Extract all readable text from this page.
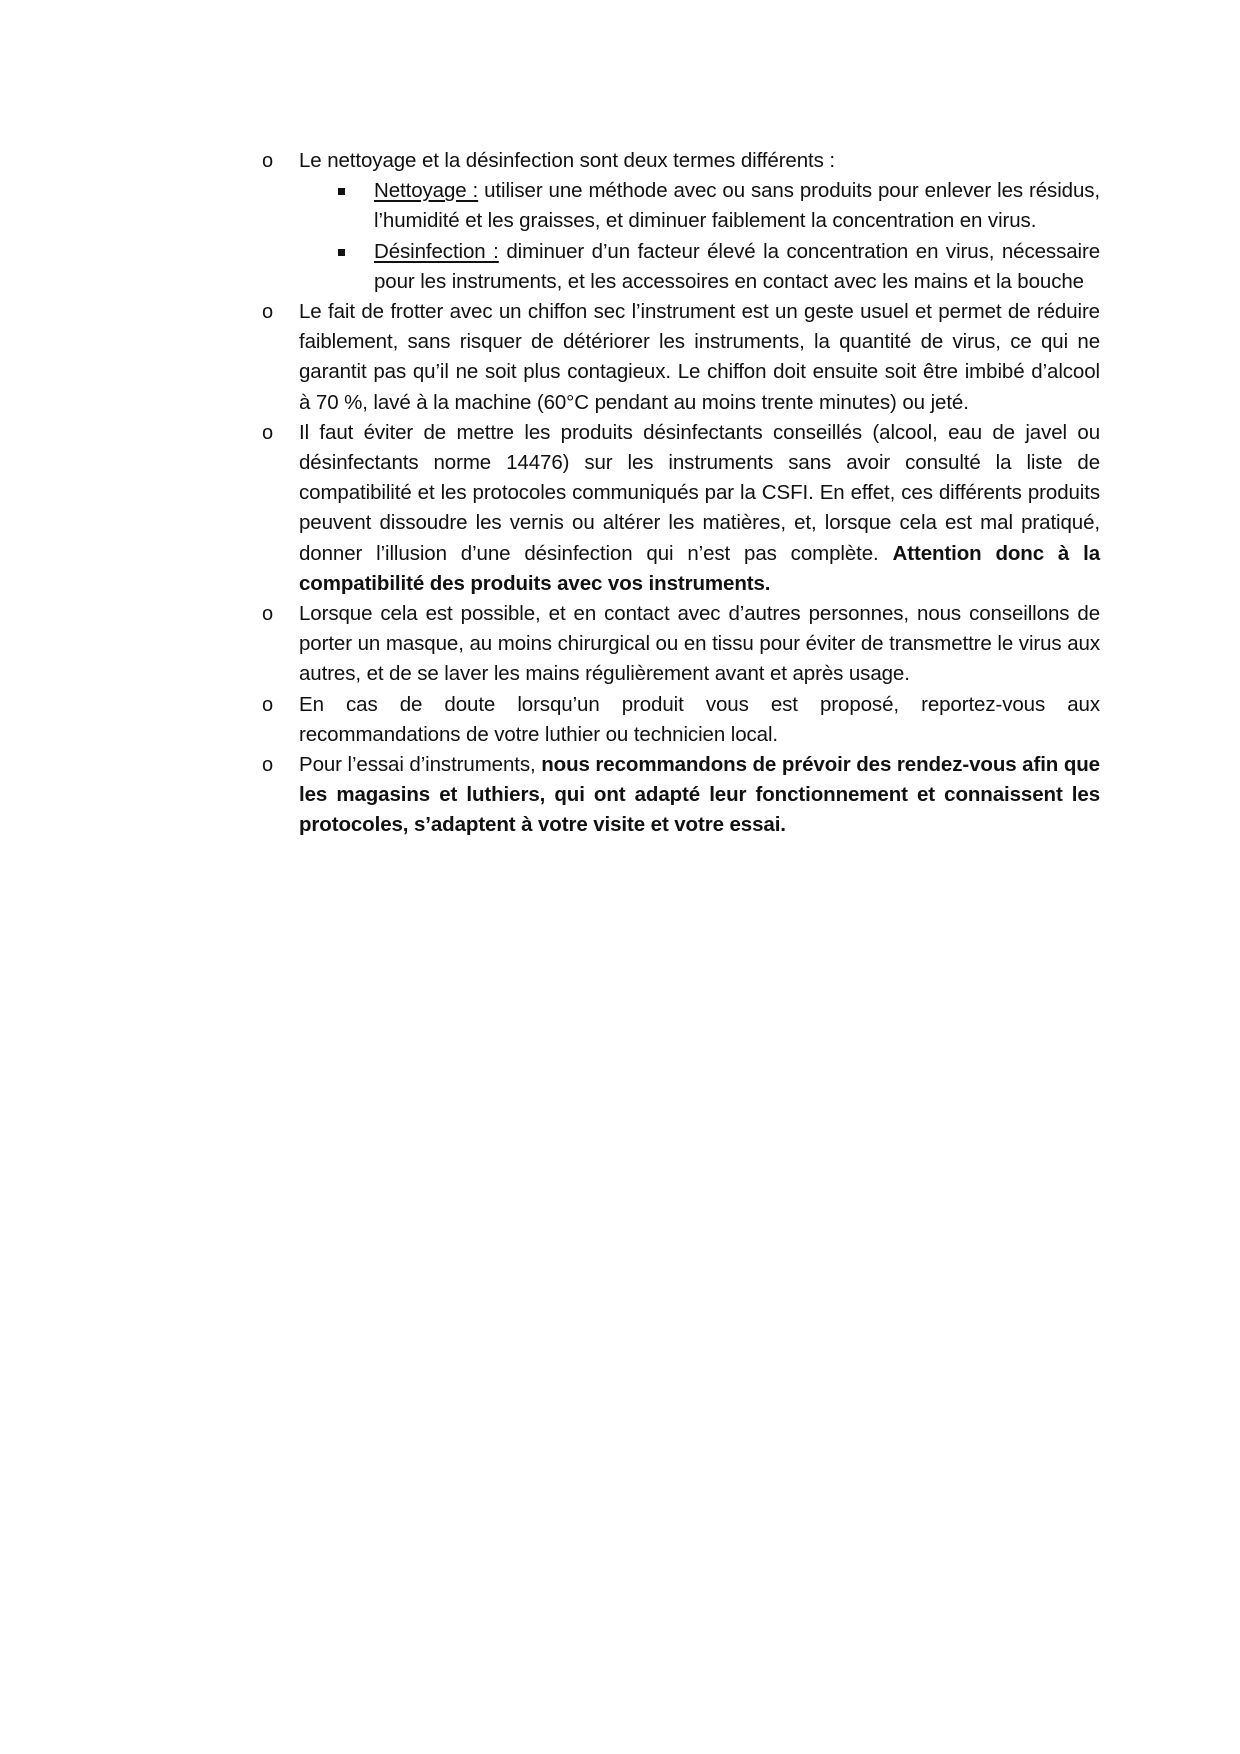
o	Le nettoyage et la désinfection sont deux termes différents :
Nettoyage : utiliser une méthode avec ou sans produits pour enlever les résidus, l’humidité et les graisses, et diminuer faiblement la concentration en virus.
Désinfection : diminuer d’un facteur élevé la concentration en virus, nécessaire pour les instruments, et les accessoires en contact avec les mains et la bouche
o	Le fait de frotter avec un chiffon sec l’instrument est un geste usuel et permet de réduire faiblement, sans risquer de détériorer les instruments, la quantité de virus, ce qui ne garantit pas qu’il ne soit plus contagieux. Le chiffon doit ensuite soit être imbibé d’alcool à 70 %, lavé à la machine (60°C pendant au moins trente minutes) ou jeté.
o	Il faut éviter de mettre les produits désinfectants conseillés (alcool, eau de javel ou désinfectants norme 14476) sur les instruments sans avoir consulté la liste de compatibilité et les protocoles communiqués par la CSFI. En effet, ces différents produits peuvent dissoudre les vernis ou altérer les matières, et, lorsque cela est mal pratiqué, donner l’illusion d’une désinfection qui n’est pas complète. Attention donc à la compatibilité des produits avec vos instruments.
o	Lorsque cela est possible, et en contact avec d’autres personnes, nous conseillons de porter un masque, au moins chirurgical ou en tissu pour éviter de transmettre le virus aux autres, et de se laver les mains régulièrement avant et après usage.
o	En cas de doute lorsqu’un produit vous est proposé, reportez-vous aux recommandations de votre luthier ou technicien local.
o	Pour l’essai d’instruments, nous recommandons de prévoir des rendez-vous afin que les magasins et luthiers, qui ont adapté leur fonctionnement et connaissent les protocoles, s’adaptent à votre visite et votre essai.
